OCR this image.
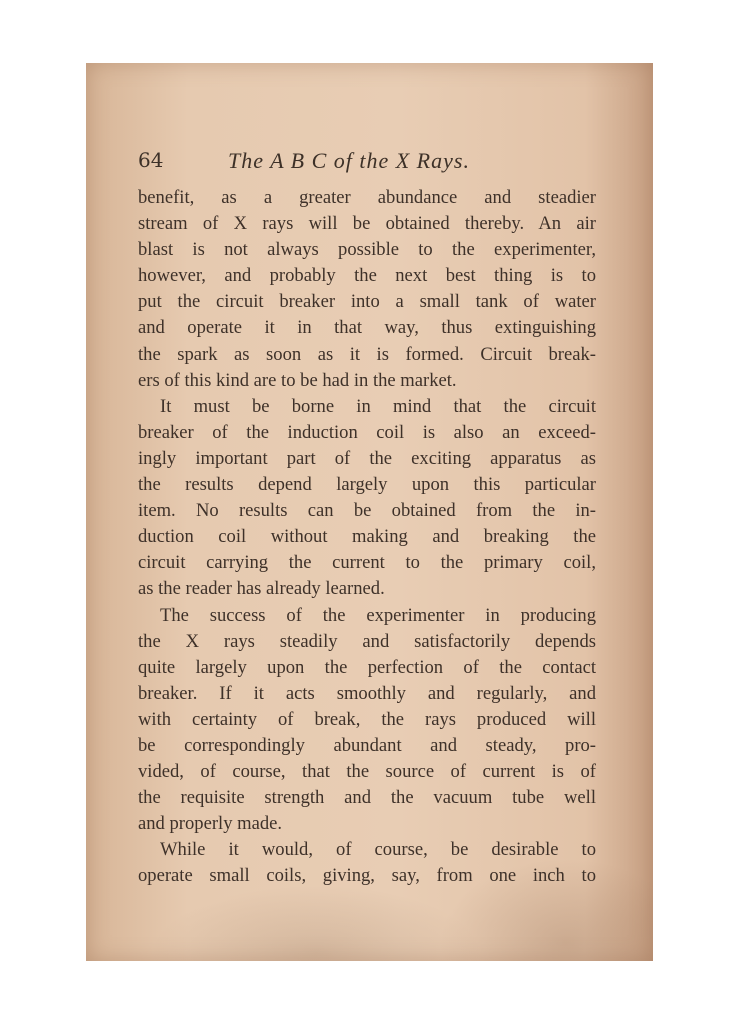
64	The A B C of the X Rays.
benefit, as a greater abundance and steadier
stream of X rays will be obtained thereby. An air
blast is not always possible to the experimenter,
however, and probably the next best thing is to
put the circuit breaker into a small tank of water
and operate it in that way, thus extinguishing
the spark as soon as it is formed. Circuit break-
ers of this kind are to be had in the market.
It must be borne in mind that the circuit
breaker of the induction coil is also an exceed-
ingly important part of the exciting apparatus as
the results depend largely upon this particular
item. No results can be obtained from the in-
duction coil without making and breaking the
circuit carrying the current to the primary coil,
as the reader has already learned.
The success of the experimenter in producing
the X rays steadily and satisfactorily depends
quite largely upon the perfection of the contact
breaker. If it acts smoothly and regularly, and
with certainty of break, the rays produced will
be correspondingly abundant and steady, pro-
vided, of course, that the source of current is of
the requisite strength and the vacuum tube well
and properly made.
While it would, of course, be desirable to
operate small coils, giving, say, from one inch to
